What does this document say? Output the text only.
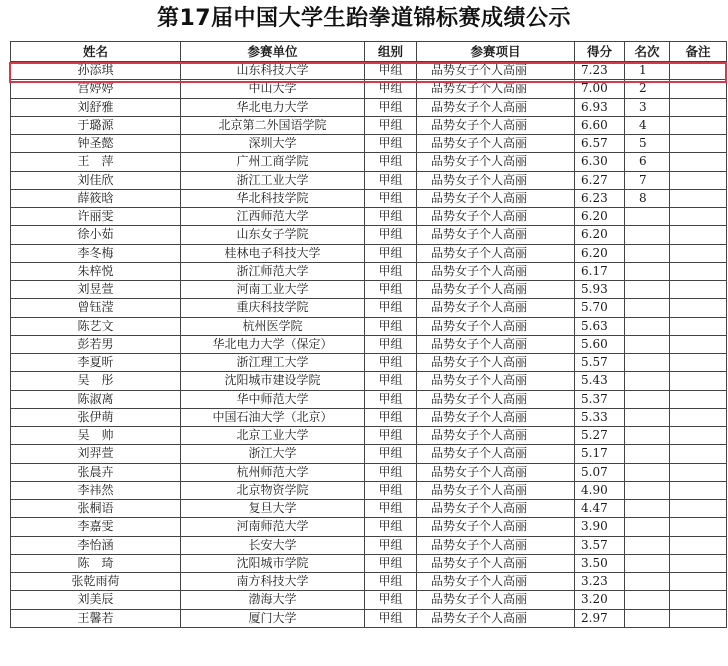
第17届中国大学生跆拳道锦标赛成绩公示
姓名	参赛单位	组别	参赛项目	得分	名次	备注
孙添琪	山东科技大学	甲组	品势女子个人高丽	7.23	1	
宫婷婷	中山大学	甲组	品势女子个人高丽	7.00	2	
刘舒雅	华北电力大学	甲组	品势女子个人高丽	6.93	3	
于璐源	北京第二外国语学院	甲组	品势女子个人高丽	6.60	4	
钟圣懿	深圳大学	甲组	品势女子个人高丽	6.57	5	
王　萍	广州工商学院	甲组	品势女子个人高丽	6.30	6	
刘佳欣	浙江工业大学	甲组	品势女子个人高丽	6.27	7	
薛筱晗	华北科技学院	甲组	品势女子个人高丽	6.23	8	
许丽雯	江西师范大学	甲组	品势女子个人高丽	6.20		
徐小茹	山东女子学院	甲组	品势女子个人高丽	6.20		
李冬梅	桂林电子科技大学	甲组	品势女子个人高丽	6.20		
朱梓悦	浙江师范大学	甲组	品势女子个人高丽	6.17		
刘昱萱	河南工业大学	甲组	品势女子个人高丽	5.93		
曾钰滢	重庆科技学院	甲组	品势女子个人高丽	5.70		
陈艺文	杭州医学院	甲组	品势女子个人高丽	5.63		
彭若男	华北电力大学（保定）	甲组	品势女子个人高丽	5.60		
李夏昕	浙江理工大学	甲组	品势女子个人高丽	5.57		
吴　彤	沈阳城市建设学院	甲组	品势女子个人高丽	5.43		
陈淑离	华中师范大学	甲组	品势女子个人高丽	5.37		
张伊萌	中国石油大学（北京）	甲组	品势女子个人高丽	5.33		
吴　帅	北京工业大学	甲组	品势女子个人高丽	5.27		
刘羿萱	浙江大学	甲组	品势女子个人高丽	5.17		
张晨卉	杭州师范大学	甲组	品势女子个人高丽	5.07		
李祎然	北京物资学院	甲组	品势女子个人高丽	4.90		
张桐语	复旦大学	甲组	品势女子个人高丽	4.47		
李嘉雯	河南师范大学	甲组	品势女子个人高丽	3.90		
李怡涵	长安大学	甲组	品势女子个人高丽	3.57		
陈　琦	沈阳城市学院	甲组	品势女子个人高丽	3.50		
张乾雨荷	南方科技大学	甲组	品势女子个人高丽	3.23		
刘美辰	渤海大学	甲组	品势女子个人高丽	3.20		
王馨若	厦门大学	甲组	品势女子个人高丽	2.97		
